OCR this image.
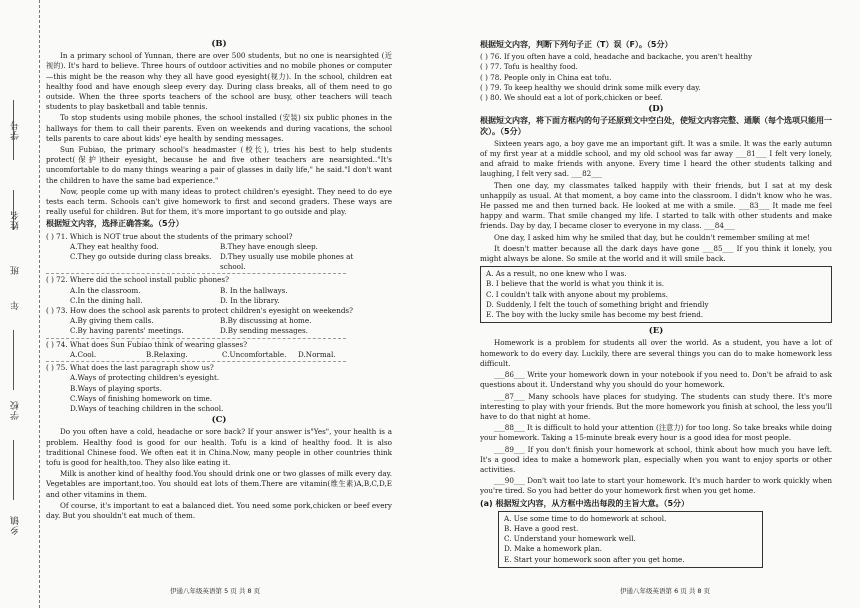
学号
姓名
班
年
学校
乡镇
(B)

In a primary school of Yunnan, there are over 500 students, but no one is nearsighted (近视的). It's hard to believe. Three hours of outdoor activities and no mobile phones or computer—this might be the reason why they all have good eyesight(视力). In the school, children eat healthy food and have enough sleep every day. During class breaks, all of them need to go outside. When the three sports teachers of the school are busy, other teachers will teach students to play basketball and table tennis.

To stop students using mobile phones, the school installed (安装) six public phones in the hallways for them to call their parents. Even on weekends and during vacations, the school tells parents to care about kids' eye health by sending messages.

Sun Fubiao, the primary school's headmaster (校长), tries his best to help students protect(保护)their eyesight, because he and five other teachers are nearsighted.."It's uncomfortable to do many things wearing a pair of glasses in daily life," he said."I don't want the children to have the same bad experience."

Now, people come up with many ideas to protect children's eyesight. They need to do eye tests each term. Schools can't give homework to first and second graders. These ways are really useful for children. But for them, it's more important to go outside and play.

根据短文内容，选择正确答案。（5分）
( ) 71. Which is NOT true about the students of the primary school?
A.They eat healthy food.	B.They have enough sleep.
C.They go outside during class breaks.	D.They usually use mobile phones at school.
( ) 72. Where did the school install public phones?
A.In the classroom.	B. In the hallways.
C.In the dining hall.	D. In the library.
( ) 73. How does the school ask parents to protect children's eyesight on weekends?
A.By giving them calls.	B.By discussing at home.
C.By having parents' meetings.	D.By sending messages.
( ) 74. What does Sun Fubiao think of wearing glasses?
A.Cool.	B.Relaxing.	C.Uncomfortable.	D.Normal.
( ) 75. What does the last paragraph show us?
A.Ways of protecting children's eyesight.
B.Ways of playing sports.
C.Ways of finishing homework on time.
D.Ways of teaching children in the school.
(C)

Do you often have a cold, headache or sore back? If your answer is"Yes", your health is a problem. Healthy food is good for our health. Tofu is a kind of healthy food. It is also traditional Chinese food. We often eat it in China.Now, many people in other countries think tofu is good for health,too. They also like eating it.

Milk is another kind of healthy food.You should drink one or two glasses of milk every day. Vegetables are important,too. You should eat lots of them.There are vitamin(维生素)A,B,C,D,E and other vitamins in them.

Of course, it's important to eat a balanced diet. You need some pork,chicken or beef every day. But you shouldn't eat much of them.

伊通八年级英语第 5 页 共 8 页
根据短文内容，判断下列句子正（T）误（F）。（5分）
( ) 76. If you often have a cold, headache and backache, you aren't healthy
( ) 77. Tofu is healthy food.
( ) 78. People only in China eat tofu.
( ) 79. To keep healthy we should drink some milk every day.
( ) 80. We should eat a lot of pork,chicken or beef.
(D)
根据短文内容，将下面方框内的句子还原到文中空白处，使短文内容完整、通顺（每个选项只能用一次）。（5分）

Sixteen years ago, a boy gave me an important gift. It was a smile. It was the early autumn of my first year at a middle school, and my old school was far away ___81___ I felt very lonely, and afraid to make friends with anyone. Every time I heard the other students talking and laughing, I felt very sad. ___82___

Then one day, my classmates talked happily with their friends, but I sat at my desk unhappily as usual. At that moment, a boy came into the classroom. I didn't know who he was. He passed me and then turned back. He looked at me with a smile. ___83___ It made me feel happy and warm. That smile changed my life. I started to talk with other students and make friends. Day by day, I became closer to everyone in my class. ___84___

One day, I asked him why he smiled that day, but he couldn't remember smiling at me!

It doesn't matter because all the dark days have gone ___85___ If you think it lonely, you might always be alone. So smile at the world and it will smile back.

A. As a result, no one knew who I was.
B. I believe that the world is what you think it is.
C. I couldn't talk with anyone about my problems.
D. Suddenly, I felt the touch of something bright and friendly
E. The boy with the lucky smile has become my best friend.
(E)

Homework is a problem for students all over the world. As a student, you have a lot of homework to do every day. Luckily, there are several things you can do to make homework less difficult.

___86___ Write your homework down in your notebook if you need to. Don't be afraid to ask questions about it. Understand why you should do your homework.

___87___ Many schools have places for studying. The students can study there. It's more interesting to play with your friends. But the more homework you finish at school, the less you'll have to do that night at home.

___88___ It is difficult to hold your attention (注意力) for too long. So take breaks while doing your homework. Taking a 15-minute break every hour is a good idea for most people.

___89___ If you don't finish your homework at school, think about how much you have left. It's a good idea to make a homework plan, especially when you want to enjoy sports or other activities.

___90___ Don't wait too late to start your homework. It's much harder to work quickly when you're tired. So you had better do your homework first when you get home.

(a) 根据短文内容，从方框中选出每段的主旨大意。（5分）
A. Use some time to do homework at school.
B. Have a good rest.
C. Understand your homework well.
D. Make a homework plan.
E. Start your homework soon after you get home.
伊通八年级英语第 6 页 共 8 页
